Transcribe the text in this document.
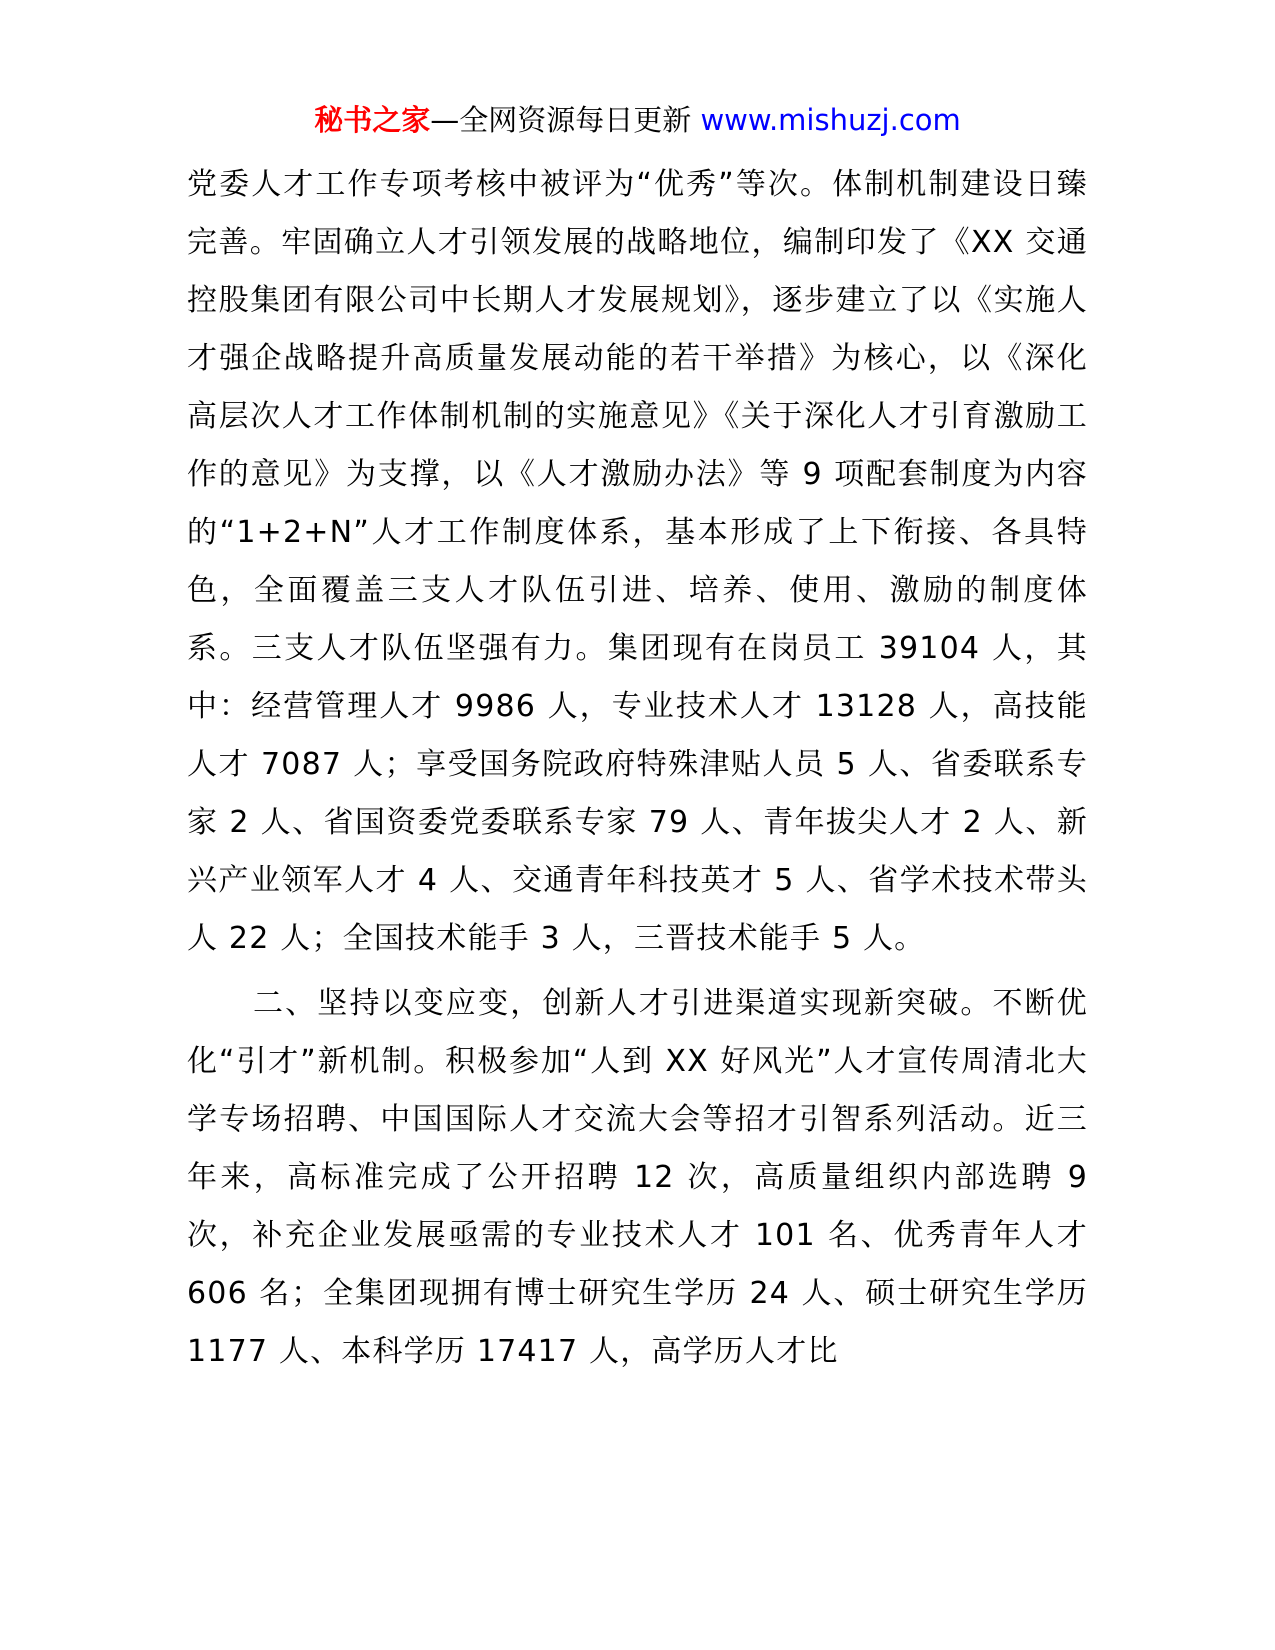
秘书之家—全网资源每日更新 www.mishuzj.com

党委人才工作专项考核中被评为“优秀”等次。体制机制建设日臻完善。牢固确立人才引领发展的战略地位，编制印发了《XX 交通控股集团有限公司中长期人才发展规划》，逐步建立了以《实施人才强企战略提升高质量发展动能的若干举措》为核心，以《深化高层次人才工作体制机制的实施意见》《关于深化人才引育激励工作的意见》为支撑，以《人才激励办法》等 9 项配套制度为内容的“1+2+N”人才工作制度体系，基本形成了上下衔接、各具特色，全面覆盖三支人才队伍引进、培养、使用、激励的制度体系。三支人才队伍坚强有力。集团现有在岗员工 39104 人，其中：经营管理人才 9986 人，专业技术人才 13128 人，高技能人才 7087 人；享受国务院政府特殊津贴人员 5 人、省委联系专家 2 人、省国资委党委联系专家 79 人、青年拔尖人才 2 人、新兴产业领军人才 4 人、交通青年科技英才 5 人、省学术技术带头人 22 人；全国技术能手 3 人，三晋技术能手 5 人。

二、坚持以变应变，创新人才引进渠道实现新突破。不断优化“引才”新机制。积极参加“人到 XX 好风光”人才宣传周清北大学专场招聘、中国国际人才交流大会等招才引智系列活动。近三年来，高标准完成了公开招聘 12 次，高质量组织内部选聘 9 次，补充企业发展亟需的专业技术人才 101 名、优秀青年人才 606 名；全集团现拥有博士研究生学历 24 人、硕士研究生学历 1177 人、本科学历 17417 人，高学历人才比
